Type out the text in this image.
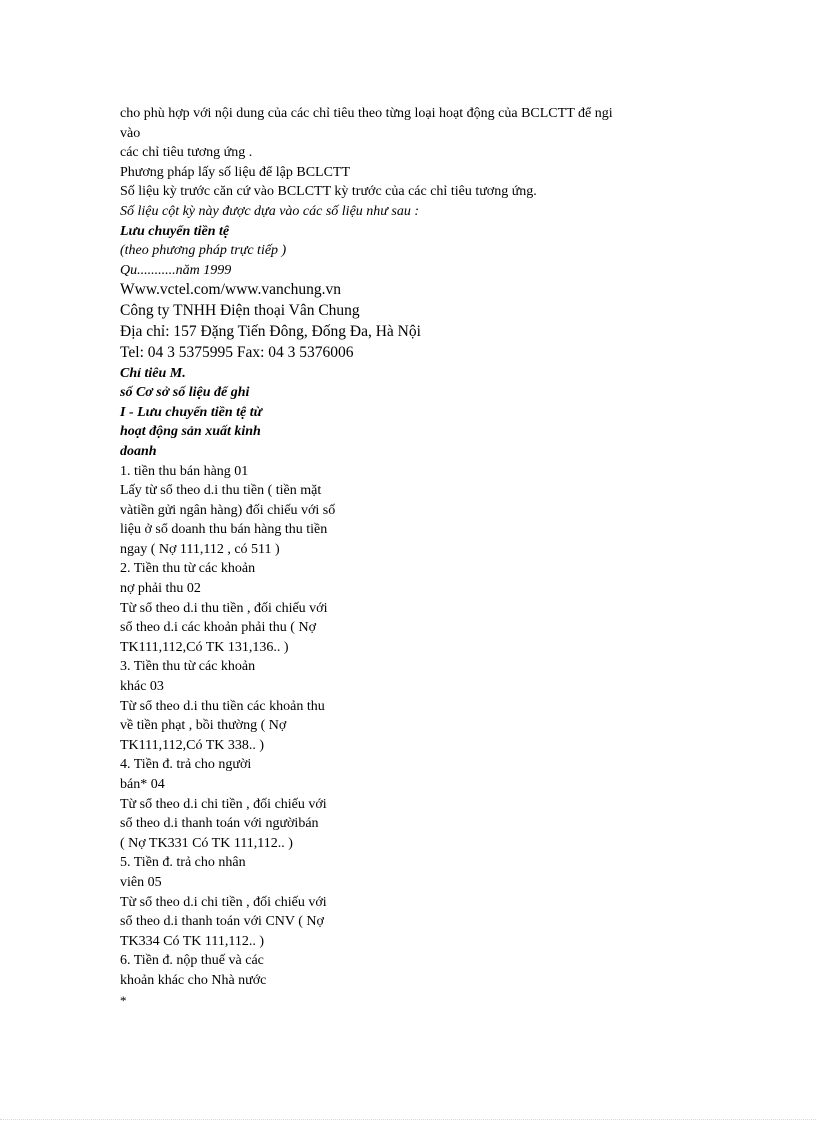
cho phù hợp với nội dung của các chỉ tiêu theo từng loại hoạt động của BCLCTT để ngi
vào
các chỉ tiêu tương ứng .
Phương pháp lấy số liệu để lập BCLCTT
Số liệu kỳ trước căn cứ vào BCLCTT kỳ trước của các chỉ tiêu tương ứng.
Số liệu cột kỳ này được dựa vào các số liệu như sau :
Lưu chuyển tiền tệ
(theo phương pháp trực tiếp )
Qu...........năm 1999
Www.vctel.com/www.vanchung.vn
Công ty TNHH Điện thoại Vân Chung
Địa chỉ: 157 Đặng Tiến Đông, Đống Đa, Hà Nội
Tel: 04 3 5375995 Fax: 04 3 5376006
Chỉ tiêu M.
số Cơ sở số liệu để ghi
I - Lưu chuyển tiền tệ từ
hoạt động sản xuất kinh
doanh
1. tiền thu bán hàng 01
Lấy từ sổ theo d.i thu tiền ( tiền mặt
vàtiền gửi ngân hàng) đối chiếu với số
liệu ở sổ doanh thu bán hàng thu tiền
ngay ( Nợ 111,112 , có 511 )
2. Tiền thu từ các khoản
nợ phải thu 02
Từ sổ theo d.i thu tiền , đối chiếu với
sổ theo d.i các khoản phải thu ( Nợ
TK111,112,Có TK 131,136.. )
3. Tiền thu từ các khoản
khác 03
Từ sổ theo d.i thu tiền các khoản thu
về tiền phạt , bồi thường ( Nợ
TK111,112,Có TK 338.. )
4. Tiền đ. trả cho người
bán* 04
Từ sổ theo d.i chi tiền , đối chiếu với
sổ theo d.i thanh toán với ngườibán
( Nợ TK331 Có TK 111,112.. )
5. Tiền đ. trả cho nhân
viên 05
Từ sổ theo d.i chi tiền , đối chiếu với
sổ theo d.i thanh toán với CNV ( Nợ
TK334 Có TK 111,112.. )
6. Tiền đ. nộp thuế và các
khoản khác cho Nhà nước
*
